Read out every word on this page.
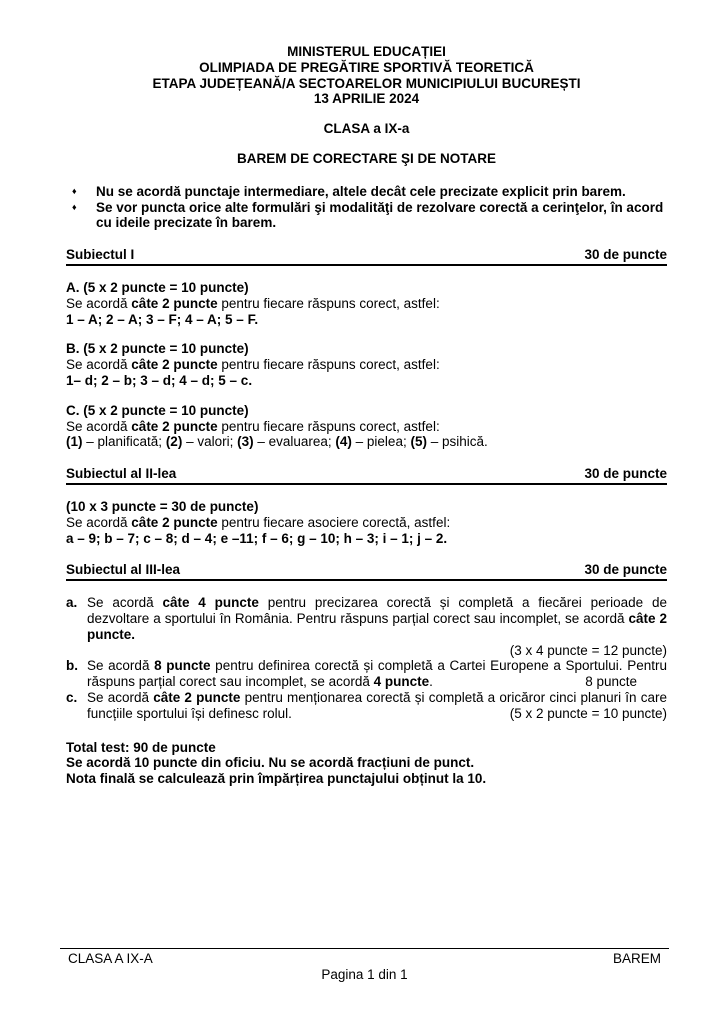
MINISTERUL EDUCAȚIEI
OLIMPIADA DE PREGĂTIRE SPORTIVĂ TEORETICĂ
ETAPA JUDEȚEANĂ/A SECTOARELOR MUNICIPIULUI BUCUREȘTI
13 APRILIE 2024
CLASA a IX-a
BAREM DE CORECTARE ŞI DE NOTARE
♦ Nu se acordă punctaje intermediare, altele decât cele precizate explicit prin barem.
♦ Se vor puncta orice alte formulări şi modalităţi de rezolvare corectă a cerinţelor, în acord cu ideile precizate în barem.
Subiectul I	30 de puncte
A. (5 x 2 puncte = 10 puncte)
Se acordă câte 2 puncte pentru fiecare răspuns corect, astfel:
1 – A; 2 – A; 3 – F; 4 – A; 5 – F.
B. (5 x 2 puncte = 10 puncte)
Se acordă câte 2 puncte pentru fiecare răspuns corect, astfel:
1– d; 2 – b; 3 – d; 4 – d; 5 – c.
C. (5 x 2 puncte = 10 puncte)
Se acordă câte 2 puncte pentru fiecare răspuns corect, astfel:
(1) – planificată; (2) – valori; (3) – evaluarea; (4) – pielea; (5) – psihică.
Subiectul al II-lea	30 de puncte
(10 x 3 puncte = 30 de puncte)
Se acordă câte 2 puncte pentru fiecare asociere corectă, astfel:
a – 9; b – 7; c – 8; d – 4; e –11; f – 6; g – 10; h – 3; i – 1; j – 2.
Subiectul al III-lea	30 de puncte
a. Se acordă câte 4 puncte pentru precizarea corectă și completă a fiecărei perioade de dezvoltare a sportului în România. Pentru răspuns parțial corect sau incomplet, se acordă câte 2 puncte.
(3 x 4 puncte = 12 puncte)
b. Se acordă 8 puncte pentru definirea corectă și completă a Cartei Europene a Sportului. Pentru răspuns parțial corect sau incomplet, se acordă 4 puncte.	8 puncte
c. Se acordă câte 2 puncte pentru menționarea corectă și completă a oricăror cinci planuri în care funcțiile sportului își definesc rolul.	(5 x 2 puncte = 10 puncte)
Total test: 90 de puncte
Se acordă 10 puncte din oficiu. Nu se acordă fracțiuni de punct.
Nota finală se calculează prin împărțirea punctajului obținut la 10.
CLASA A IX-A	BAREM
Pagina 1 din 1
